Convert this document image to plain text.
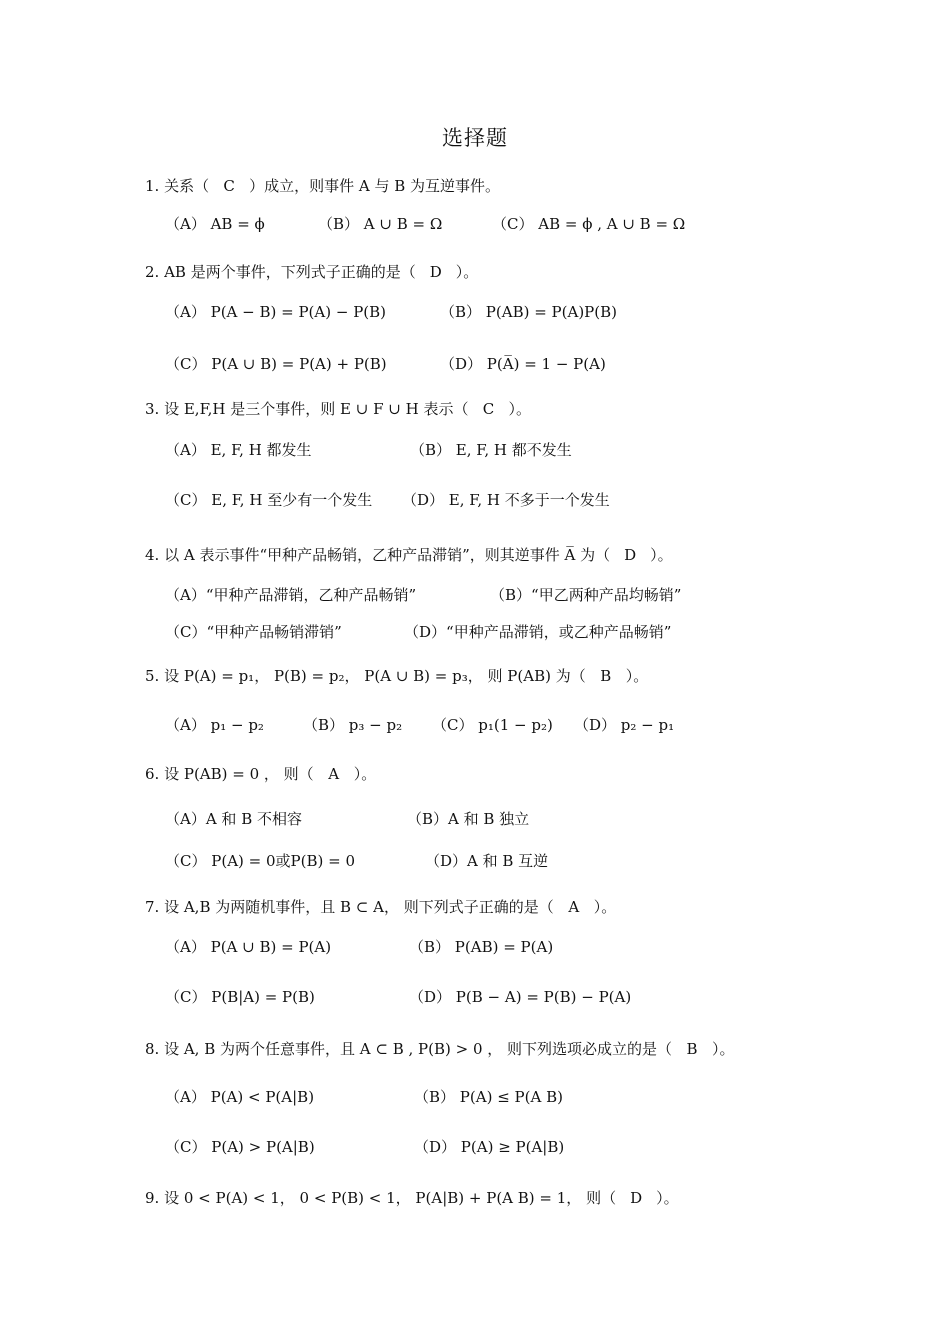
选择题
1. 关系（ C ）成立，则事件 A 与 B 为互逆事件。
（A） AB = ϕ	（B） A ∪ B = Ω	（C） AB = ϕ , A ∪ B = Ω
2. AB 是两个事件，下列式子正确的是（ D ）。
（A） P(A − B) = P(A) − P(B)	（B） P(AB) = P(A)P(B)
（C） P(A ∪ B) = P(A) + P(B)	（D） P(A̅) = 1 − P(A)
3. 设 E,F,H 是三个事件，则 E ∪ F ∪ H 表示（ C ）。
（A） E, F, H 都发生	（B） E, F, H 都不发生
（C） E, F, H 至少有一个发生 （D） E, F, H 不多于一个发生
4. 以 A 表示事件“甲种产品畅销，乙种产品滞销”，则其逆事件 A̅ 为（ D ）。
（A）“甲种产品滞销，乙种产品畅销”	（B）“甲乙两种产品均畅销”
（C）“甲种产品畅销滞销”	（D）“甲种产品滞销，或乙种产品畅销”
5. 设 P(A) = p₁， P(B) = p₂， P(A ∪ B) = p₃， 则 P(AB) 为（ B ）。
（A） p₁ − p₂	（B） p₃ − p₂ （C） p₁(1 − p₂) （D） p₂ − p₁
6. 设 P(AB) = 0 ， 则（ A ）。
（A）A 和 B 不相容	（B）A 和 B 独立
（C） P(A) = 0或P(B) = 0	（D）A 和 B 互逆
7. 设 A,B 为两随机事件，且 B ⊂ A， 则下列式子正确的是（ A ）。
（A） P(A ∪ B) = P(A)	（B） P(AB) = P(A)
（C） P(B|A) = P(B)	（D） P(B − A) = P(B) − P(A)
8. 设 A, B 为两个任意事件，且 A ⊂ B , P(B) > 0 ， 则下列选项必成立的是（ B ）。
（A） P(A) < P(A|B)	（B） P(A) ≤ P(A B)
（C） P(A) > P(A|B)	（D） P(A) ≥ P(A|B)
9. 设 0 < P(A) < 1， 0 < P(B) < 1， P(A|B) + P(A B) = 1， 则（ D ）。
